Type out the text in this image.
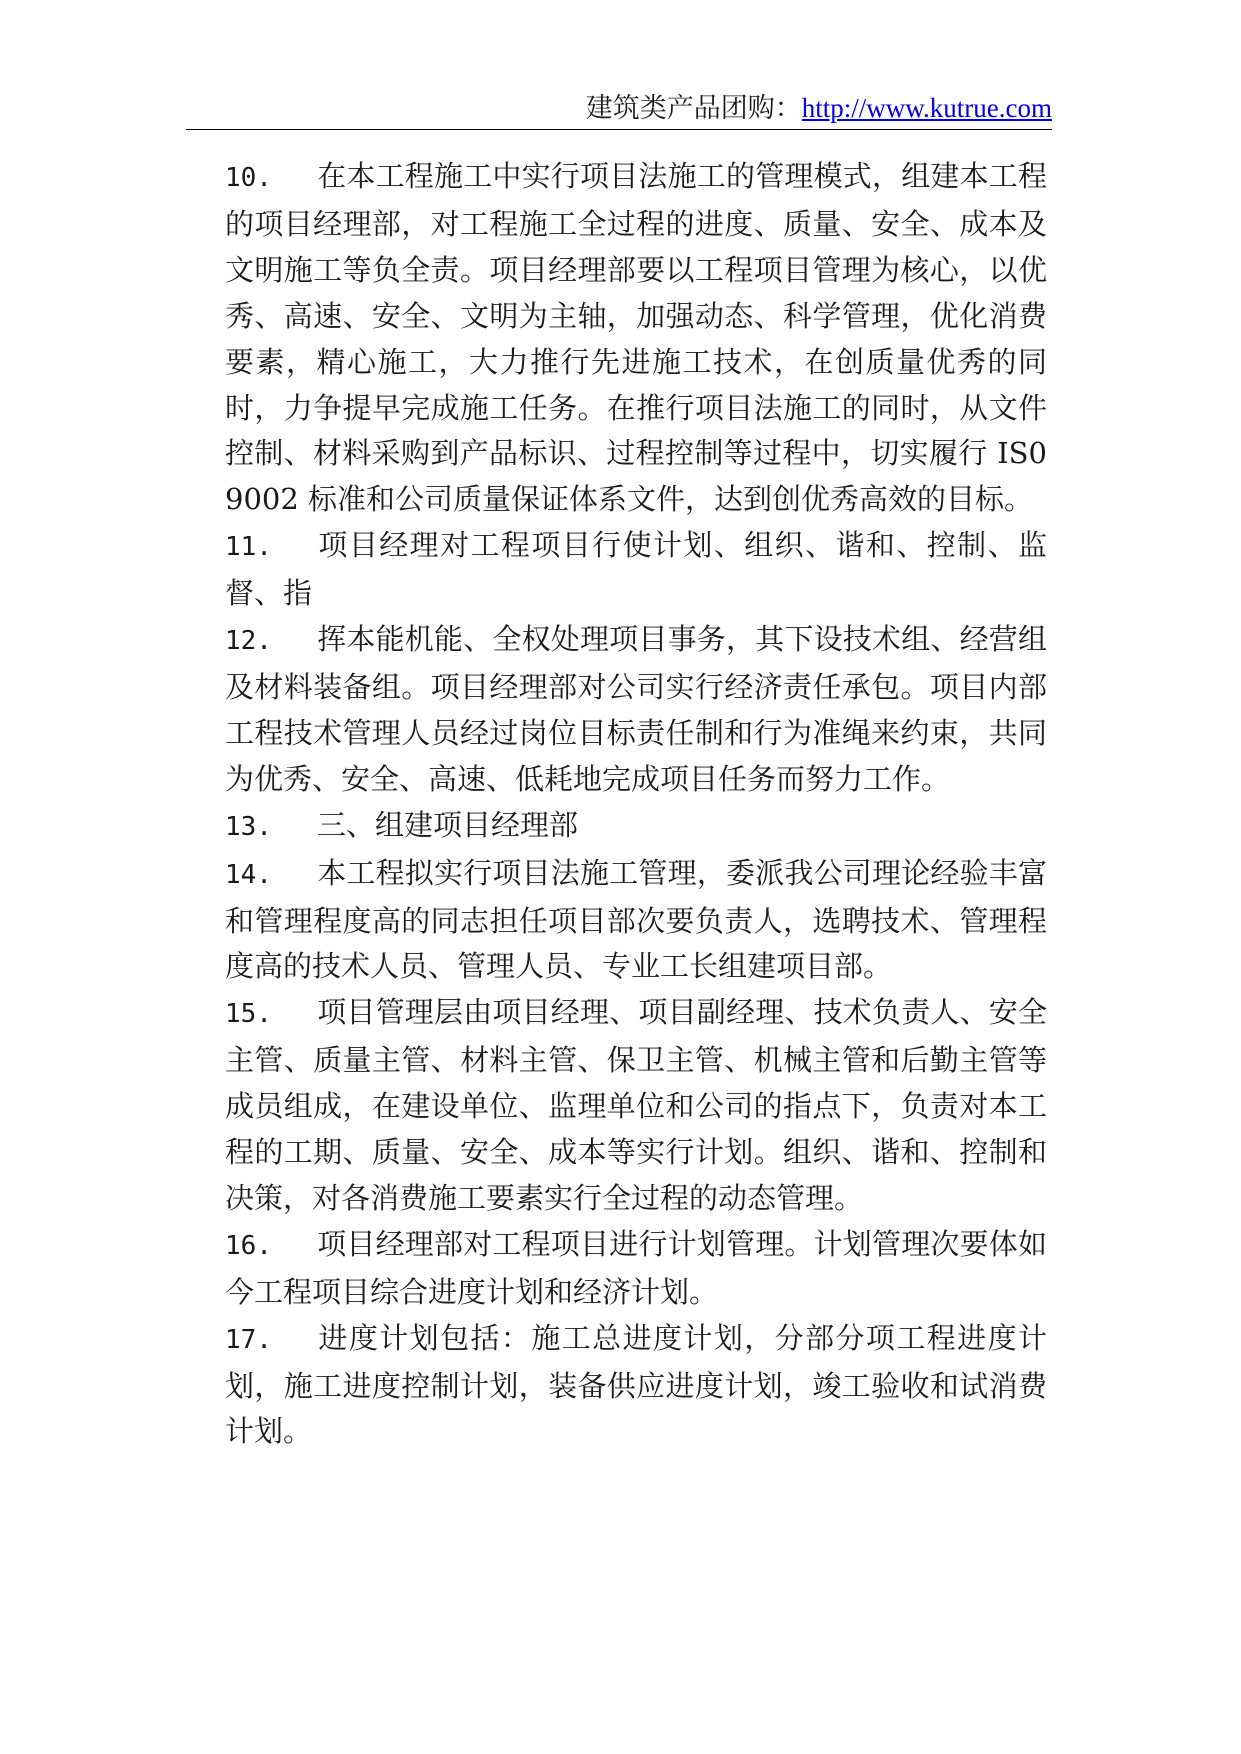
建筑类产品团购：http://www.kutrue.com

10. 在本工程施工中实行项目法施工的管理模式，组建本工程的项目经理部，对工程施工全过程的进度、质量、安全、成本及文明施工等负全责。项目经理部要以工程项目管理为核心，以优秀、高速、安全、文明为主轴，加强动态、科学管理，优化消费要素，精心施工，大力推行先进施工技术，在创质量优秀的同时，力争提早完成施工任务。在推行项目法施工的同时，从文件控制、材料采购到产品标识、过程控制等过程中，切实履行 IS09002 标准和公司质量保证体系文件，达到创优秀高效的目标。

11. 项目经理对工程项目行使计划、组织、谐和、控制、监督、指

12. 挥本能机能、全权处理项目事务，其下设技术组、经营组及材料装备组。项目经理部对公司实行经济责任承包。项目内部工程技术管理人员经过岗位目标责任制和行为准绳来约束，共同为优秀、安全、高速、低耗地完成项目任务而努力工作。

13. 三、组建项目经理部

14. 本工程拟实行项目法施工管理，委派我公司理论经验丰富和管理程度高的同志担任项目部次要负责人，选聘技术、管理程度高的技术人员、管理人员、专业工长组建项目部。

15. 项目管理层由项目经理、项目副经理、技术负责人、安全主管、质量主管、材料主管、保卫主管、机械主管和后勤主管等成员组成，在建设单位、监理单位和公司的指点下，负责对本工程的工期、质量、安全、成本等实行计划。组织、谐和、控制和决策，对各消费施工要素实行全过程的动态管理。

16. 项目经理部对工程项目进行计划管理。计划管理次要体如今工程项目综合进度计划和经济计划。

17. 进度计划包括：施工总进度计划，分部分项工程进度计划，施工进度控制计划，装备供应进度计划，竣工验收和试消费计划。
